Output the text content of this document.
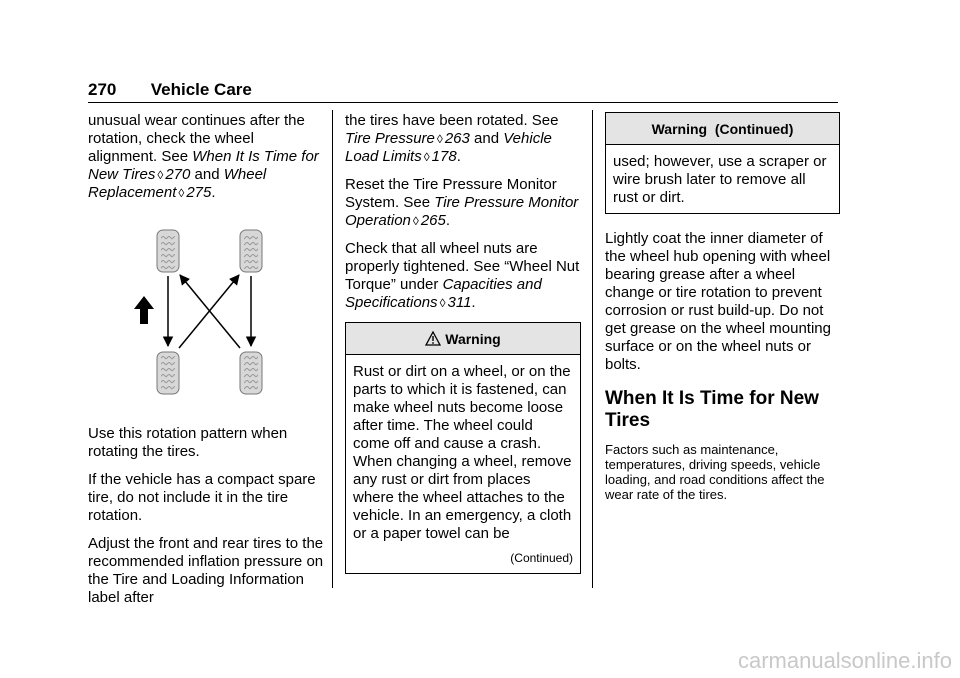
270 Vehicle Care

unusual wear continues after the rotation, check the wheel alignment. See When It Is Time for New Tires ◊ 270 and Wheel Replacement ◊ 275.

Use this rotation pattern when rotating the tires.

If the vehicle has a compact spare tire, do not include it in the tire rotation.

Adjust the front and rear tires to the recommended inflation pressure on the Tire and Loading Information label after

the tires have been rotated. See Tire Pressure ◊ 263 and Vehicle Load Limits ◊ 178.

Reset the Tire Pressure Monitor System. See Tire Pressure Monitor Operation ◊ 265.

Check that all wheel nuts are properly tightened. See “Wheel Nut Torque” under Capacities and Specifications ◊ 311.

Warning

Rust or dirt on a wheel, or on the parts to which it is fastened, can make wheel nuts become loose after time. The wheel could come off and cause a crash. When changing a wheel, remove any rust or dirt from places where the wheel attaches to the vehicle. In an emergency, a cloth or a paper towel can be

(Continued)
Warning  (Continued)

used; however, use a scraper or wire brush later to remove all rust or dirt.

Lightly coat the inner diameter of the wheel hub opening with wheel bearing grease after a wheel change or tire rotation to prevent corrosion or rust build-up. Do not get grease on the wheel mounting surface or on the wheel nuts or bolts.

When It Is Time for New Tires

Factors such as maintenance, temperatures, driving speeds, vehicle loading, and road conditions affect the wear rate of the tires.

carmanualsonline.info
